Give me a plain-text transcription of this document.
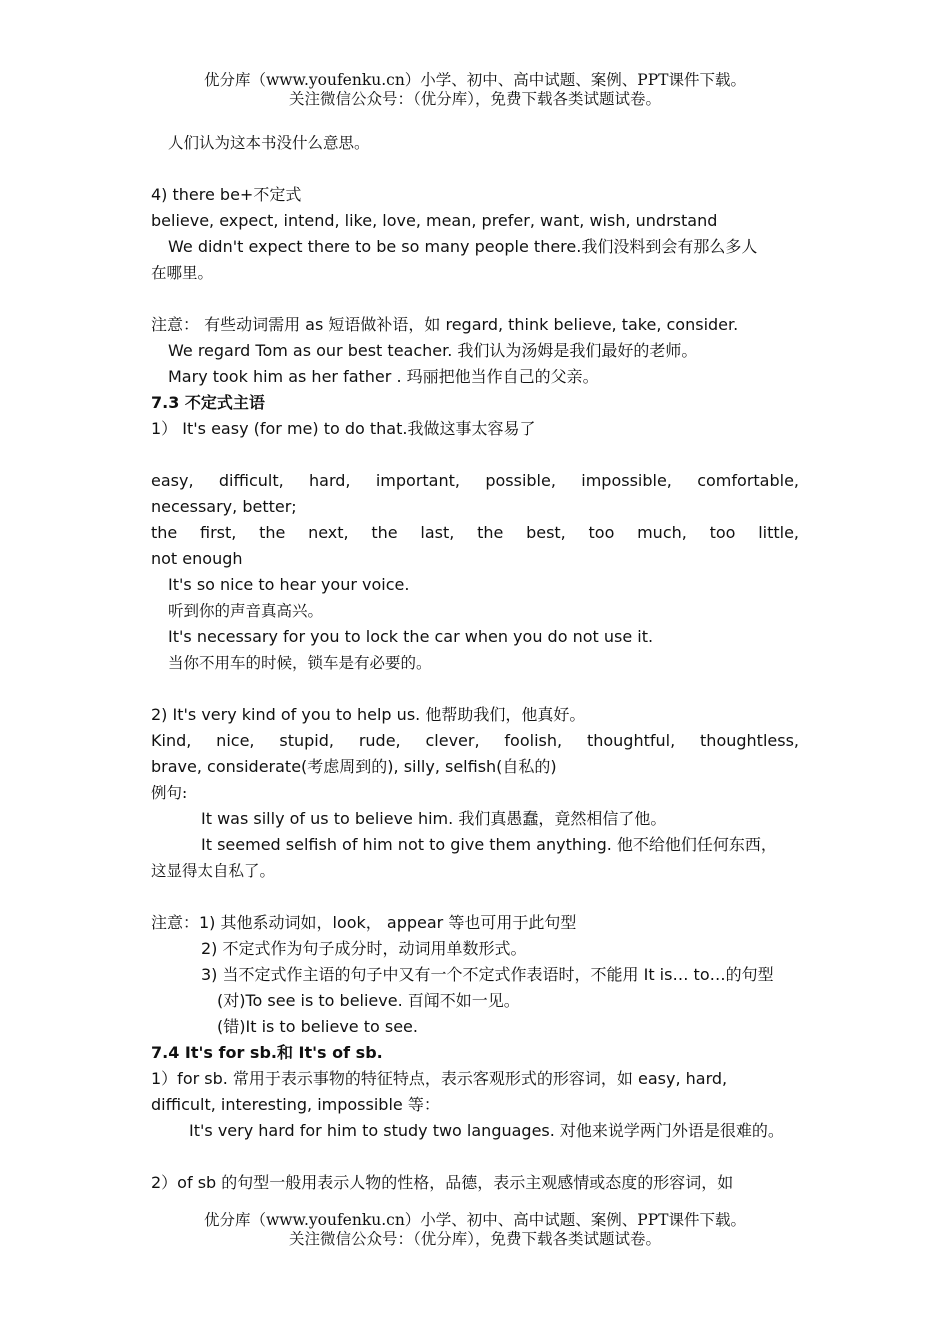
优分库（www.youfenku.cn）小学、初中、高中试题、案例、PPT课件下载。
关注微信公众号：（优分库），免费下载各类试题试卷。
人们认为这本书没什么意思。
4) there be+不定式
believe, expect, intend, like, love, mean, prefer, want, wish, undrstand
We didn't expect there to be so many people there.我们没料到会有那么多人
在哪里。
注意： 有些动词需用 as 短语做补语，如 regard, think believe, take, consider.
We regard Tom as our best teacher. 我们认为汤姆是我们最好的老师。
Mary took him as her father . 玛丽把他当作自己的父亲。
7.3 不定式主语
1） It's easy (for me) to do that.我做这事太容易了
easy, difficult, hard, important, possible, impossible, comfortable,
necessary, better;
the first, the next, the last, the best, too much, too little,
not enough
It's so nice to hear your voice.
听到你的声音真高兴。
It's necessary for you to lock the car when you do not use it.
当你不用车的时候，锁车是有必要的。
2) It's very kind of you to help us. 他帮助我们，他真好。
Kind, nice, stupid, rude, clever, foolish, thoughtful, thoughtless,
brave, considerate(考虑周到的), silly, selfish(自私的)
例句:
It was silly of us to believe him. 我们真愚蠢，竟然相信了他。
It seemed selfish of him not to give them anything. 他不给他们任何东西，
这显得太自私了。
注意：1) 其他系动词如，look， appear 等也可用于此句型
2) 不定式作为句子成分时，动词用单数形式。
3) 当不定式作主语的句子中又有一个不定式作表语时，不能用 It is… to…的句型
(对)To see is to believe. 百闻不如一见。
(错)It is to believe to see.
7.4 It's for sb.和 It's of sb.
1）for sb. 常用于表示事物的特征特点，表示客观形式的形容词，如 easy, hard,
difficult, interesting, impossible 等：
It's very hard for him to study two languages. 对他来说学两门外语是很难的。
2）of sb 的句型一般用表示人物的性格，品德，表示主观感情或态度的形容词，如
优分库（www.youfenku.cn）小学、初中、高中试题、案例、PPT课件下载。
关注微信公众号：（优分库），免费下载各类试题试卷。
